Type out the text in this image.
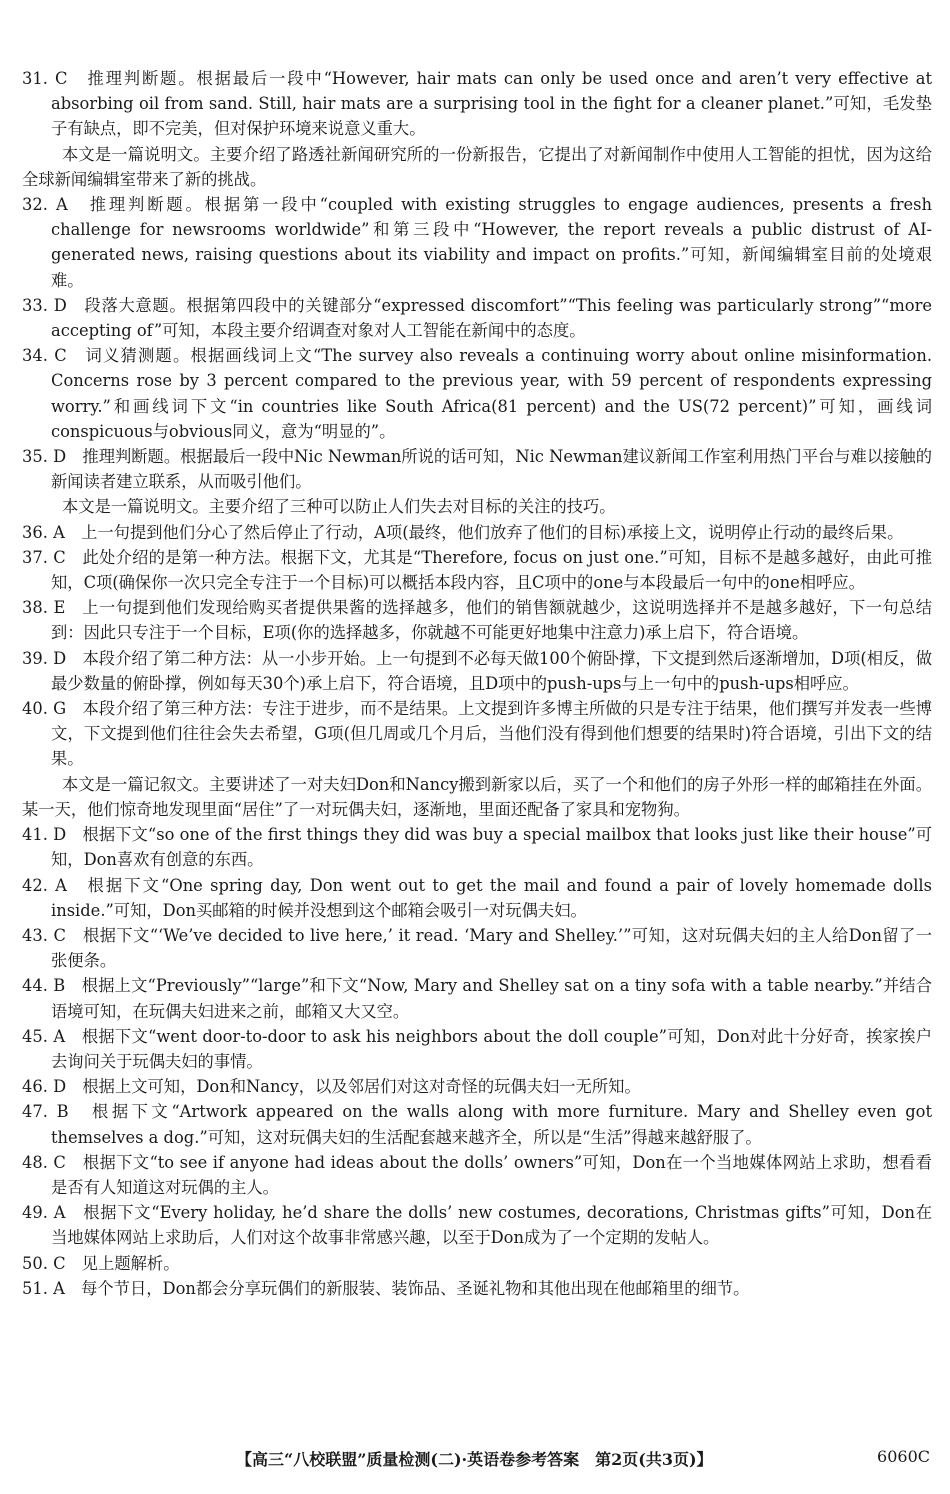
31. C　推理判断题。根据最后一段中“However, hair mats can only be used once and aren’t very effective at absorbing oil from sand. Still, hair mats are a surprising tool in the fight for a cleaner planet.”可知，毛发垫子有缺点，即不完美，但对保护环境来说意义重大。

本文是一篇说明文。主要介绍了路透社新闻研究所的一份新报告，它提出了对新闻制作中使用人工智能的担忧，因为这给全球新闻编辑室带来了新的挑战。

32. A　推理判断题。根据第一段中“coupled with existing struggles to engage audiences, presents a fresh challenge for newsrooms worldwide”和第三段中“However, the report reveals a public distrust of AI-generated news, raising questions about its viability and impact on profits.”可知，新闻编辑室目前的处境艰难。

33. D　段落大意题。根据第四段中的关键部分“expressed discomfort”“This feeling was particularly strong”“more accepting of”可知，本段主要介绍调查对象对人工智能在新闻中的态度。

34. C　词义猜测题。根据画线词上文“The survey also reveals a continuing worry about online misinformation. Concerns rose by 3 percent compared to the previous year, with 59 percent of respondents expressing worry.”和画线词下文“in countries like South Africa(81 percent) and the US(72 percent)”可知，画线词conspicuous与obvious同义，意为“明显的”。

35. D　推理判断题。根据最后一段中Nic Newman所说的话可知，Nic Newman建议新闻工作室利用热门平台与难以接触的新闻读者建立联系，从而吸引他们。

本文是一篇说明文。主要介绍了三种可以防止人们失去对目标的关注的技巧。

36. A　上一句提到他们分心了然后停止了行动，A项(最终，他们放弃了他们的目标)承接上文，说明停止行动的最终后果。

37. C　此处介绍的是第一种方法。根据下文，尤其是“Therefore, focus on just one.”可知，目标不是越多越好，由此可推知，C项(确保你一次只完全专注于一个目标)可以概括本段内容，且C项中的one与本段最后一句中的one相呼应。

38. E　上一句提到他们发现给购买者提供果酱的选择越多，他们的销售额就越少，这说明选择并不是越多越好，下一句总结到：因此只专注于一个目标，E项(你的选择越多，你就越不可能更好地集中注意力)承上启下，符合语境。

39. D　本段介绍了第二种方法：从一小步开始。上一句提到不必每天做100个俯卧撑，下文提到然后逐渐增加，D项(相反，做最少数量的俯卧撑，例如每天30个)承上启下，符合语境，且D项中的push-ups与上一句中的push-ups相呼应。

40. G　本段介绍了第三种方法：专注于进步，而不是结果。上文提到许多博主所做的只是专注于结果，他们撰写并发表一些博文，下文提到他们往往会失去希望，G项(但几周或几个月后，当他们没有得到他们想要的结果时)符合语境，引出下文的结果。

本文是一篇记叙文。主要讲述了一对夫妇Don和Nancy搬到新家以后，买了一个和他们的房子外形一样的邮箱挂在外面。某一天，他们惊奇地发现里面“居住”了一对玩偶夫妇，逐渐地，里面还配备了家具和宠物狗。

41. D　根据下文“so one of the first things they did was buy a special mailbox that looks just like their house”可知，Don喜欢有创意的东西。

42. A　根据下文“One spring day, Don went out to get the mail and found a pair of lovely homemade dolls inside.”可知，Don买邮箱的时候并没想到这个邮箱会吸引一对玩偶夫妇。

43. C　根据下文“‘We’ve decided to live here,’ it read. ‘Mary and Shelley.’”可知，这对玩偶夫妇的主人给Don留了一张便条。

44. B　根据上文“Previously”“large”和下文“Now, Mary and Shelley sat on a tiny sofa with a table nearby.”并结合语境可知，在玩偶夫妇进来之前，邮箱又大又空。

45. A　根据下文“went door-to-door to ask his neighbors about the doll couple”可知，Don对此十分好奇，挨家挨户去询问关于玩偶夫妇的事情。

46. D　根据上文可知，Don和Nancy，以及邻居们对这对奇怪的玩偶夫妇一无所知。

47. B　根据下文“Artwork appeared on the walls along with more furniture. Mary and Shelley even got themselves a dog.”可知，这对玩偶夫妇的生活配套越来越齐全，所以是“生活”得越来越舒服了。

48. C　根据下文“to see if anyone had ideas about the dolls’ owners”可知，Don在一个当地媒体网站上求助，想看看是否有人知道这对玩偶的主人。

49. A　根据下文“Every holiday, he’d share the dolls’ new costumes, decorations, Christmas gifts”可知，Don在当地媒体网站上求助后，人们对这个故事非常感兴趣，以至于Don成为了一个定期的发帖人。

50. C　见上题解析。

51. A　每个节日，Don都会分享玩偶们的新服装、装饰品、圣诞礼物和其他出现在他邮箱里的细节。

【高三“八校联盟”质量检测(二)·英语卷参考答案　第2页(共3页)】	6060C
